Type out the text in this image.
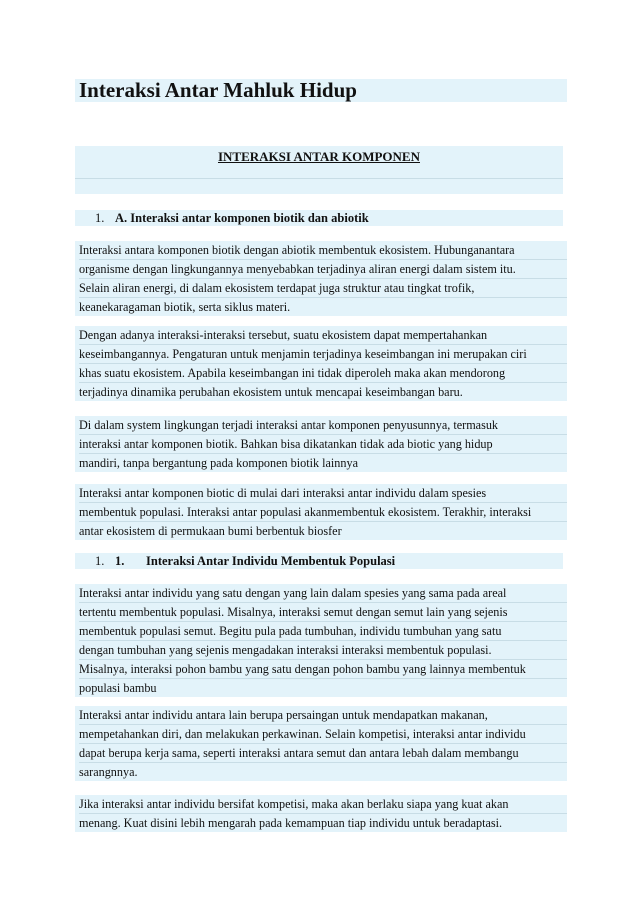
Interaksi Antar Mahluk Hidup
INTERAKSI ANTAR KOMPONEN
1. A. Interaksi antar komponen biotik dan abiotik
Interaksi antara komponen biotik dengan abiotik membentuk ekosistem. Hubunganantara
organisme dengan lingkungannya menyebabkan terjadinya aliran energi dalam sistem itu.
Selain aliran energi, di dalam ekosistem terdapat juga struktur atau tingkat trofik,
keanekaragaman biotik, serta siklus materi.
Dengan adanya interaksi-interaksi tersebut, suatu ekosistem dapat mempertahankan
keseimbangannya. Pengaturan untuk menjamin terjadinya keseimbangan ini merupakan ciri
khas suatu ekosistem. Apabila keseimbangan ini tidak diperoleh maka akan mendorong
terjadinya dinamika perubahan ekosistem untuk mencapai keseimbangan baru.
Di dalam system lingkungan terjadi interaksi antar komponen penyusunnya, termasuk
interaksi antar komponen biotik. Bahkan bisa dikatankan tidak ada biotic yang hidup
mandiri, tanpa bergantung pada komponen biotik lainnya
Interaksi antar komponen biotic di mulai dari interaksi antar individu dalam spesies
membentuk populasi. Interaksi antar populasi akanmembentuk ekosistem. Terakhir, interaksi
antar ekosistem di permukaan bumi berbentuk biosfer
1. 1. Interaksi Antar Individu Membentuk Populasi
Interaksi antar individu yang satu dengan yang lain dalam spesies yang sama pada areal
tertentu membentuk populasi. Misalnya, interaksi semut dengan semut lain yang sejenis
membentuk populasi semut. Begitu pula pada tumbuhan, individu tumbuhan yang satu
dengan tumbuhan yang sejenis mengadakan interaksi interaksi membentuk populasi.
Misalnya, interaksi pohon bambu yang satu dengan pohon bambu yang lainnya membentuk
populasi bambu
Interaksi antar individu antara lain berupa persaingan untuk mendapatkan makanan,
mempetahankan diri, dan melakukan perkawinan. Selain kompetisi, interaksi antar individu
dapat berupa kerja sama, seperti interaksi antara semut dan antara lebah dalam membangu
sarangnnya.
Jika interaksi antar individu bersifat kompetisi, maka akan berlaku siapa yang kuat akan
menang. Kuat disini lebih mengarah pada kemampuan tiap individu untuk beradaptasi.
